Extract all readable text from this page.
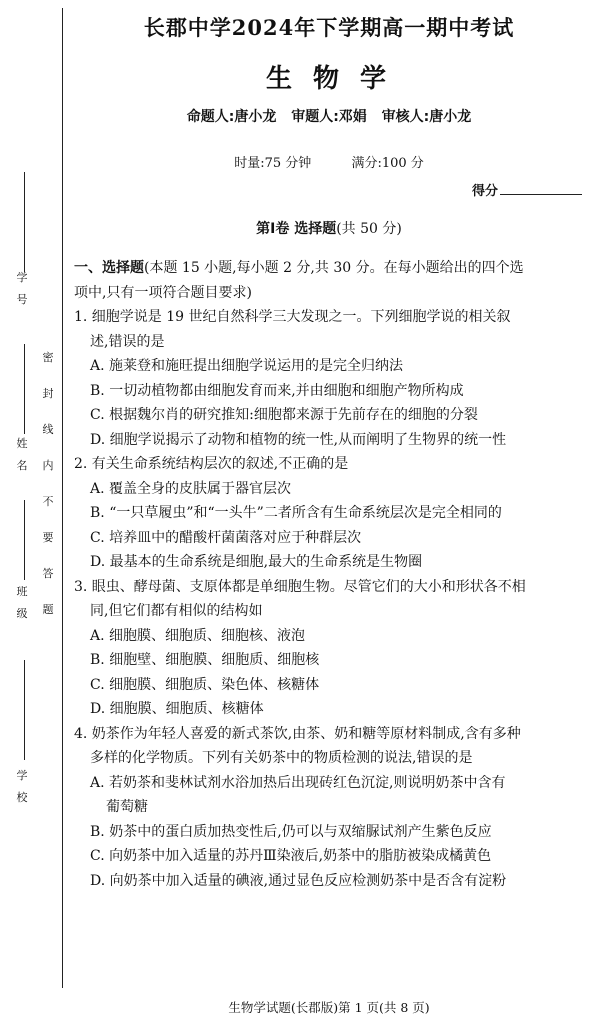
学

号
姓

名
班

级
学

校
密
封
线
内
不
要
答
题
长郡中学2024年下学期高一期中考试
生 物 学
命题人:唐小龙 审题人:邓娟 审核人:唐小龙
时量:75 分钟	满分:100 分
得分
第Ⅰ卷 选择题(共 50 分)
一、选择题(本题 15 小题,每小题 2 分,共 30 分。在每小题给出的四个选
项中,只有一项符合题目要求)
1. 细胞学说是 19 世纪自然科学三大发现之一。下列细胞学说的相关叙
述,错误的是
A. 施莱登和施旺提出细胞学说运用的是完全归纳法
B. 一切动植物都由细胞发育而来,并由细胞和细胞产物所构成
C. 根据魏尔肖的研究推知:细胞都来源于先前存在的细胞的分裂
D. 细胞学说揭示了动物和植物的统一性,从而阐明了生物界的统一性
2. 有关生命系统结构层次的叙述,不正确的是
A. 覆盖全身的皮肤属于器官层次
B. “一只草履虫”和“一头牛”二者所含有生命系统层次是完全相同的
C. 培养皿中的醋酸杆菌菌落对应于种群层次
D. 最基本的生命系统是细胞,最大的生命系统是生物圈
3. 眼虫、酵母菌、支原体都是单细胞生物。尽管它们的大小和形状各不相
同,但它们都有相似的结构如
A. 细胞膜、细胞质、细胞核、液泡
B. 细胞壁、细胞膜、细胞质、细胞核
C. 细胞膜、细胞质、染色体、核糖体
D. 细胞膜、细胞质、核糖体
4. 奶茶作为年轻人喜爱的新式茶饮,由茶、奶和糖等原材料制成,含有多种
多样的化学物质。下列有关奶茶中的物质检测的说法,错误的是
A. 若奶茶和斐林试剂水浴加热后出现砖红色沉淀,则说明奶茶中含有
葡萄糖
B. 奶茶中的蛋白质加热变性后,仍可以与双缩脲试剂产生紫色反应
C. 向奶茶中加入适量的苏丹Ⅲ染液后,奶茶中的脂肪被染成橘黄色
D. 向奶茶中加入适量的碘液,通过显色反应检测奶茶中是否含有淀粉
生物学试题(长郡版)第 1 页(共 8 页)
